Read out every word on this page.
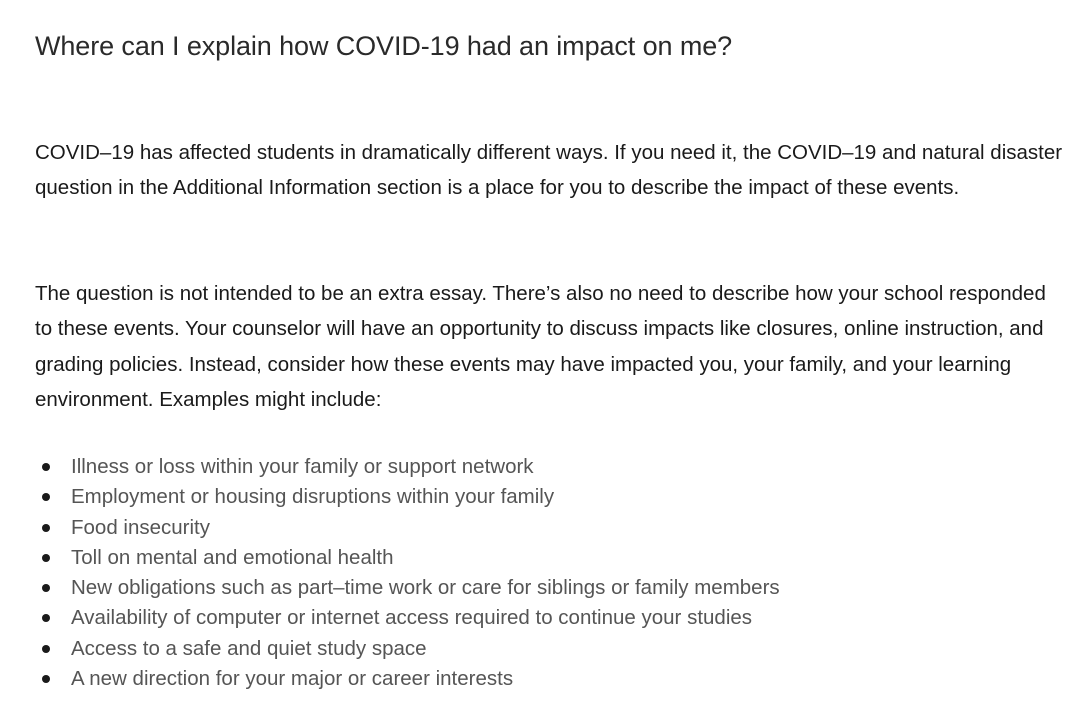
Where can I explain how COVID-19 had an impact on me?

COVID–19 has affected students in dramatically different ways. If you need it, the COVID–19 and natural disaster question in the Additional Information section is a place for you to describe the impact of these events.

The question is not intended to be an extra essay. There’s also no need to describe how your school responded to these events. Your counselor will have an opportunity to discuss impacts like closures, online instruction, and grading policies. Instead, consider how these events may have impacted you, your family, and your learning environment. Examples might include:

Illness or loss within your family or support network
Employment or housing disruptions within your family
Food insecurity
Toll on mental and emotional health
New obligations such as part–time work or care for siblings or family members
Availability of computer or internet access required to continue your studies
Access to a safe and quiet study space
A new direction for your major or career interests
